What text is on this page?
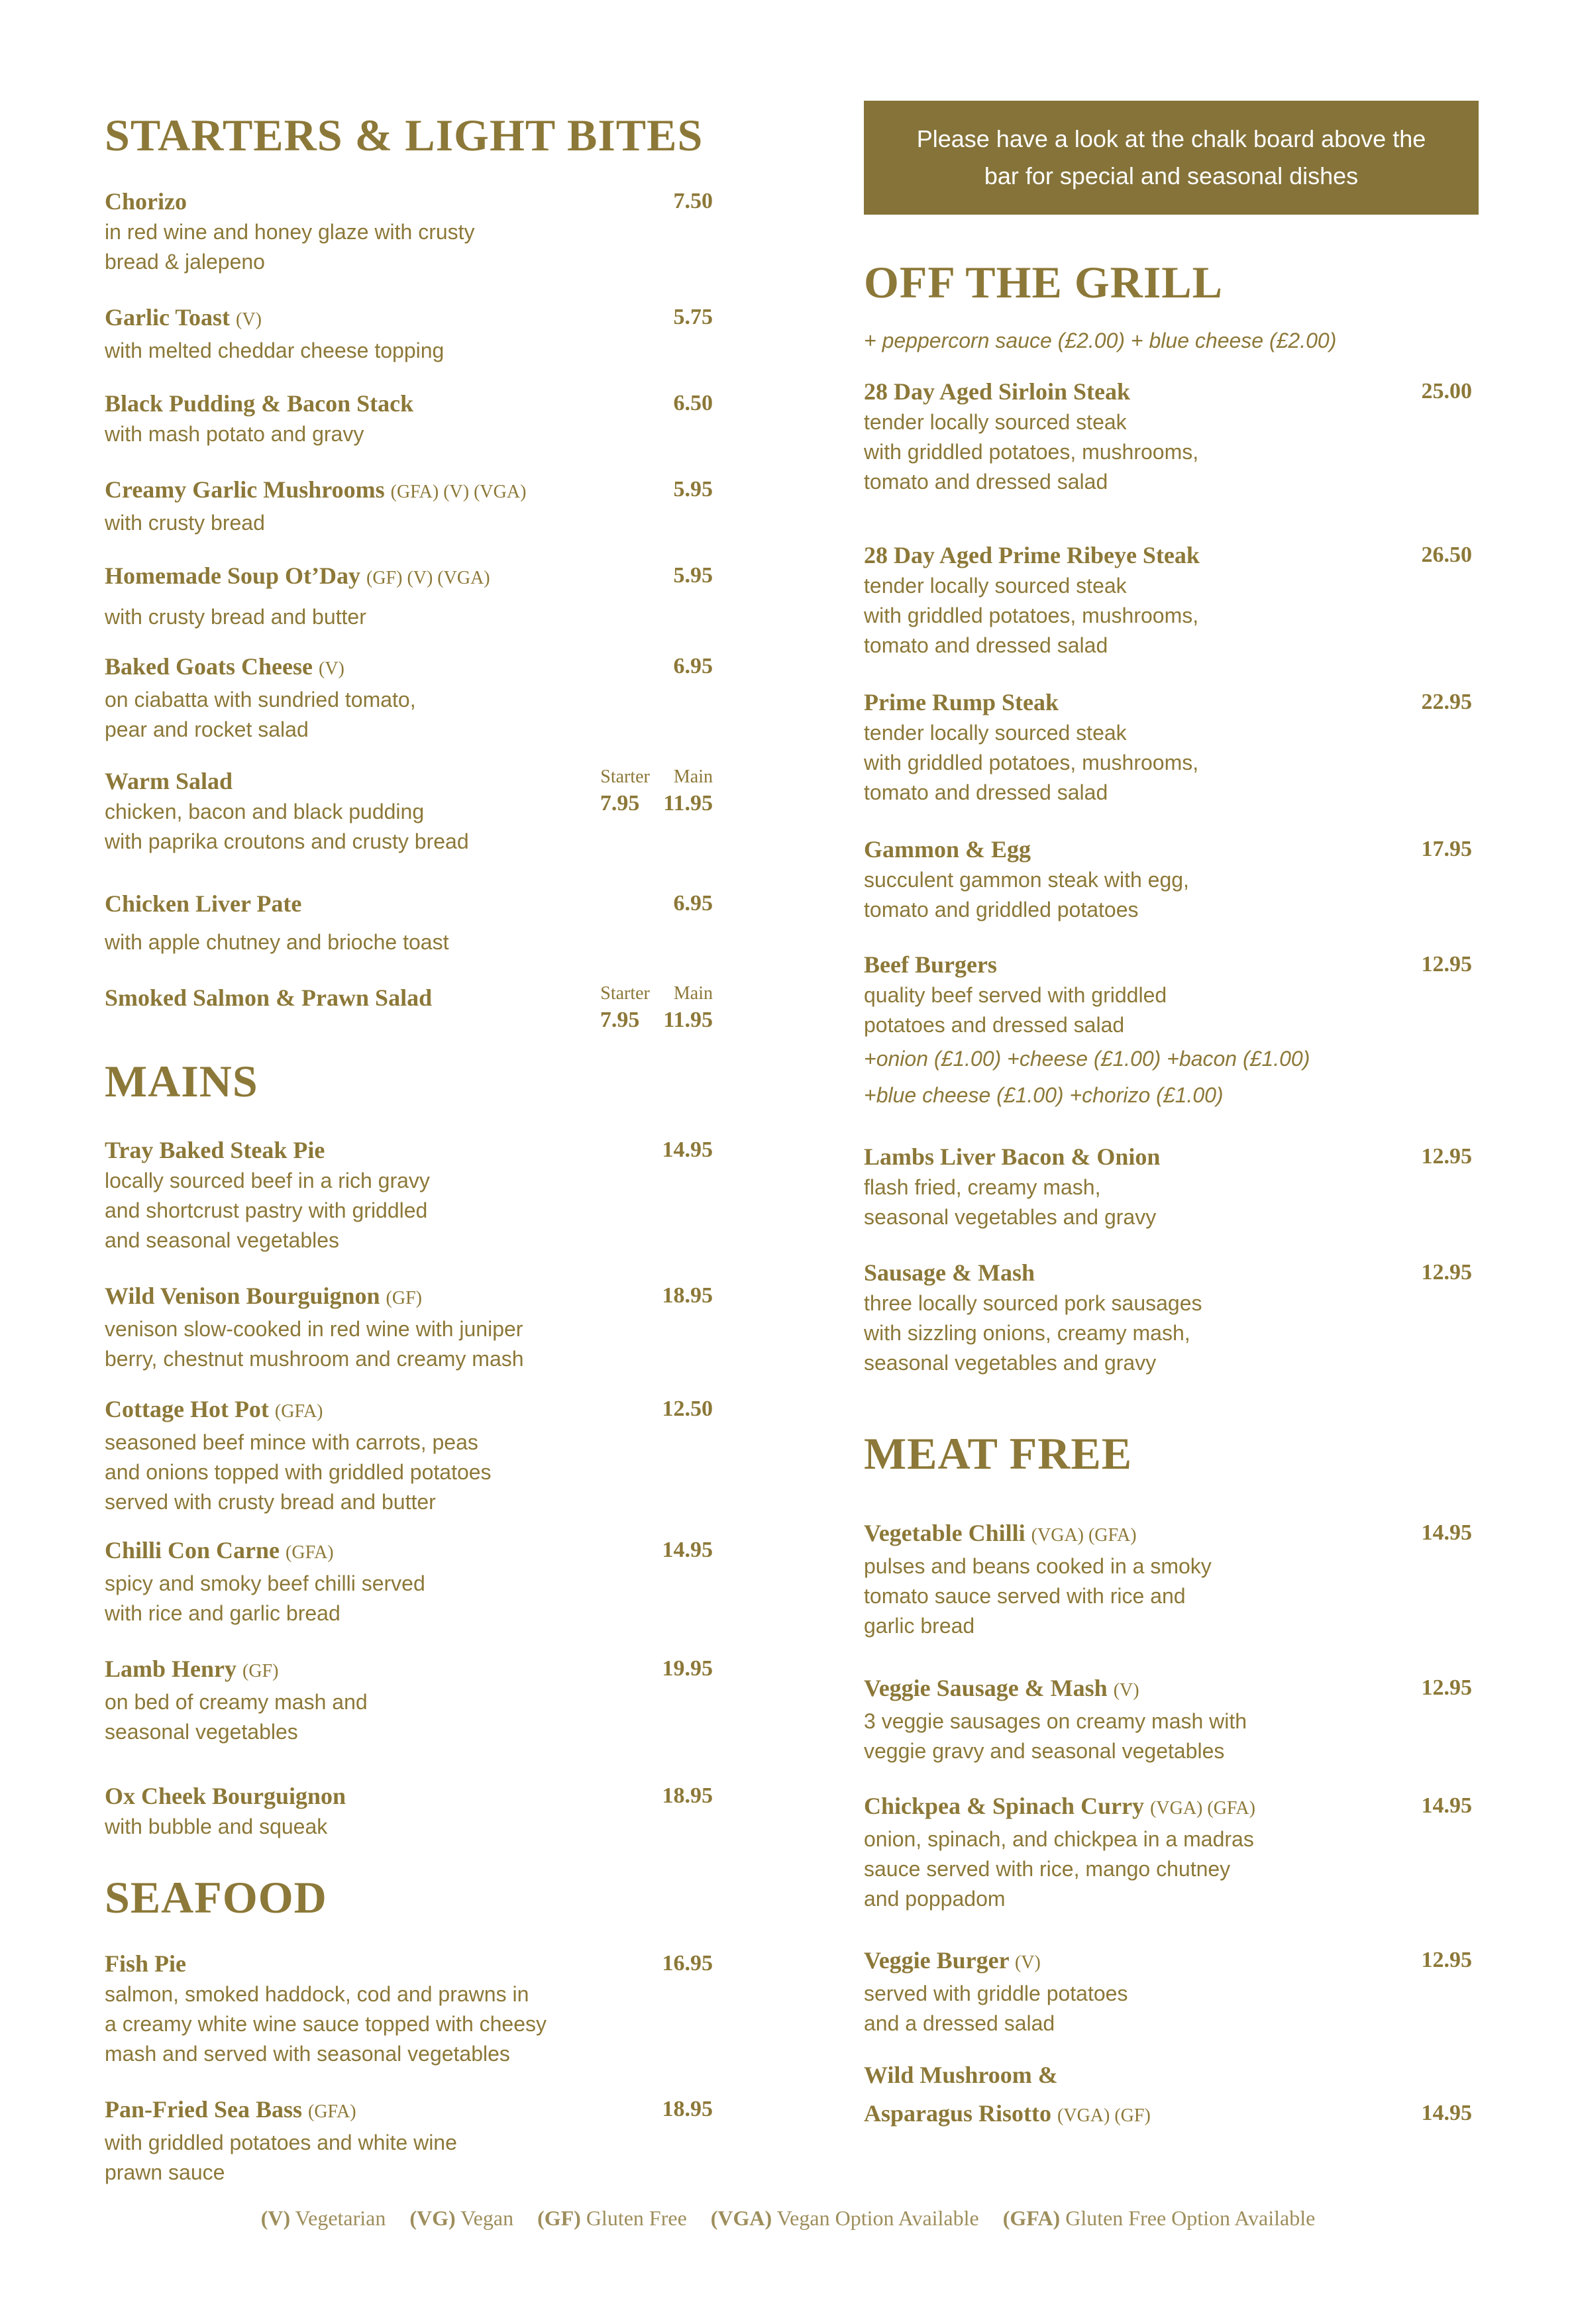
STARTERS & LIGHT BITES
Chorizo	7.50
in red wine and honey glaze with crusty
bread & jalepeno
Garlic Toast (V)	5.75
with melted cheddar cheese topping
Black Pudding & Bacon Stack	6.50
with mash potato and gravy
Creamy Garlic Mushrooms (GFA) (V) (VGA)	5.95
with crusty bread
Homemade Soup Ot’Day (GF) (V) (VGA)	5.95
with crusty bread and butter
Baked Goats Cheese (V)	6.95
on ciabatta with sundried tomato,
pear and rocket salad
Warm Salad	Starter Main
7.95 11.95
chicken, bacon and black pudding
with paprika croutons and crusty bread
Chicken Liver Pate	6.95
with apple chutney and brioche toast
Smoked Salmon & Prawn Salad	Starter Main
7.95 11.95
MAINS
Tray Baked Steak Pie	14.95
locally sourced beef in a rich gravy
and shortcrust pastry with griddled
and seasonal vegetables
Wild Venison Bourguignon (GF)	18.95
venison slow-cooked in red wine with juniper
berry, chestnut mushroom and creamy mash
Cottage Hot Pot (GFA)	12.50
seasoned beef mince with carrots, peas
and onions topped with griddled potatoes
served with crusty bread and butter
Chilli Con Carne (GFA)	14.95
spicy and smoky beef chilli served
with rice and garlic bread
Lamb Henry (GF)	19.95
on bed of creamy mash and
seasonal vegetables
Ox Cheek Bourguignon	18.95
with bubble and squeak
SEAFOOD
Fish Pie	16.95
salmon, smoked haddock, cod and prawns in
a creamy white wine sauce topped with cheesy
mash and served with seasonal vegetables
Pan-Fried Sea Bass (GFA)	18.95
with griddled potatoes and white wine
prawn sauce
Please have a look at the chalk board above the bar for special and seasonal dishes
OFF THE GRILL
+ peppercorn sauce (£2.00) + blue cheese (£2.00)
28 Day Aged Sirloin Steak	25.00
tender locally sourced steak
with griddled potatoes, mushrooms,
tomato and dressed salad
28 Day Aged Prime Ribeye Steak	26.50
tender locally sourced steak
with griddled potatoes, mushrooms,
tomato and dressed salad
Prime Rump Steak	22.95
tender locally sourced steak
with griddled potatoes, mushrooms,
tomato and dressed salad
Gammon & Egg	17.95
succulent gammon steak with egg,
tomato and griddled potatoes
Beef Burgers	12.95
quality beef served with griddled
potatoes and dressed salad
+onion (£1.00) +cheese (£1.00) +bacon (£1.00)
+blue cheese (£1.00) +chorizo (£1.00)
Lambs Liver Bacon & Onion	12.95
flash fried, creamy mash,
seasonal vegetables and gravy
Sausage & Mash	12.95
three locally sourced pork sausages
with sizzling onions, creamy mash,
seasonal vegetables and gravy
MEAT FREE
Vegetable Chilli (VGA) (GFA)	14.95
pulses and beans cooked in a smoky
tomato sauce served with rice and
garlic bread
Veggie Sausage & Mash (V)	12.95
3 veggie sausages on creamy mash with
veggie gravy and seasonal vegetables
Chickpea & Spinach Curry (VGA) (GFA)	14.95
onion, spinach, and chickpea in a madras
sauce served with rice, mango chutney
and poppadom
Veggie Burger (V)	12.95
served with griddle potatoes
and a dressed salad
Wild Mushroom &
Asparagus Risotto (VGA) (GF)	14.95
(V) Vegetarian (VG) Vegan (GF) Gluten Free (VGA) Vegan Option Available (GFA) Gluten Free Option Available
